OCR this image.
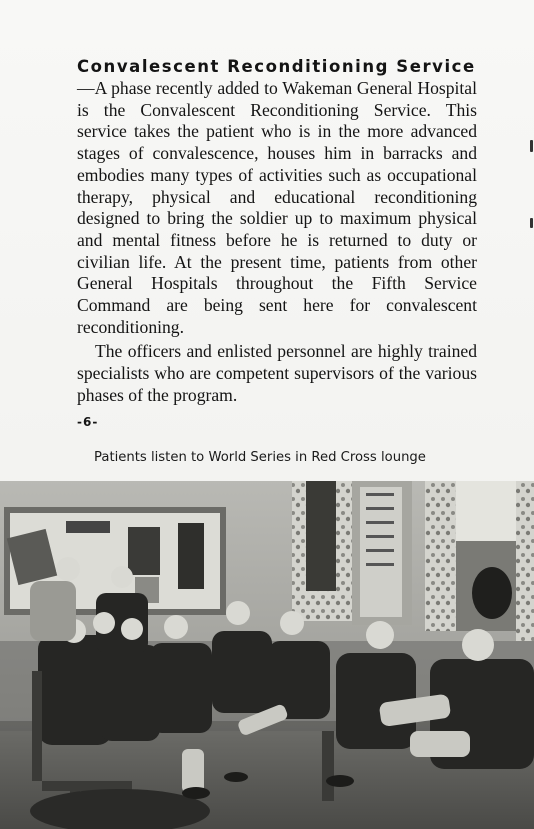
Convalescent Reconditioning Service

—A phase recently added to Wakeman General Hospital is the Convalescent Reconditioning Service. This service takes the patient who is in the more advanced stages of convalescence, houses him in barracks and embodies many types of activities such as occupational therapy, physical and educational reconditioning designed to bring the soldier up to maximum physical and mental fitness before he is returned to duty or civilian life. At the present time, patients from other General Hospitals throughout the Fifth Service Command are being sent here for convalescent reconditioning.

The officers and enlisted personnel are highly trained specialists who are competent supervisors of the various phases of the program.

-6-
Patients listen to World Series in Red Cross lounge
